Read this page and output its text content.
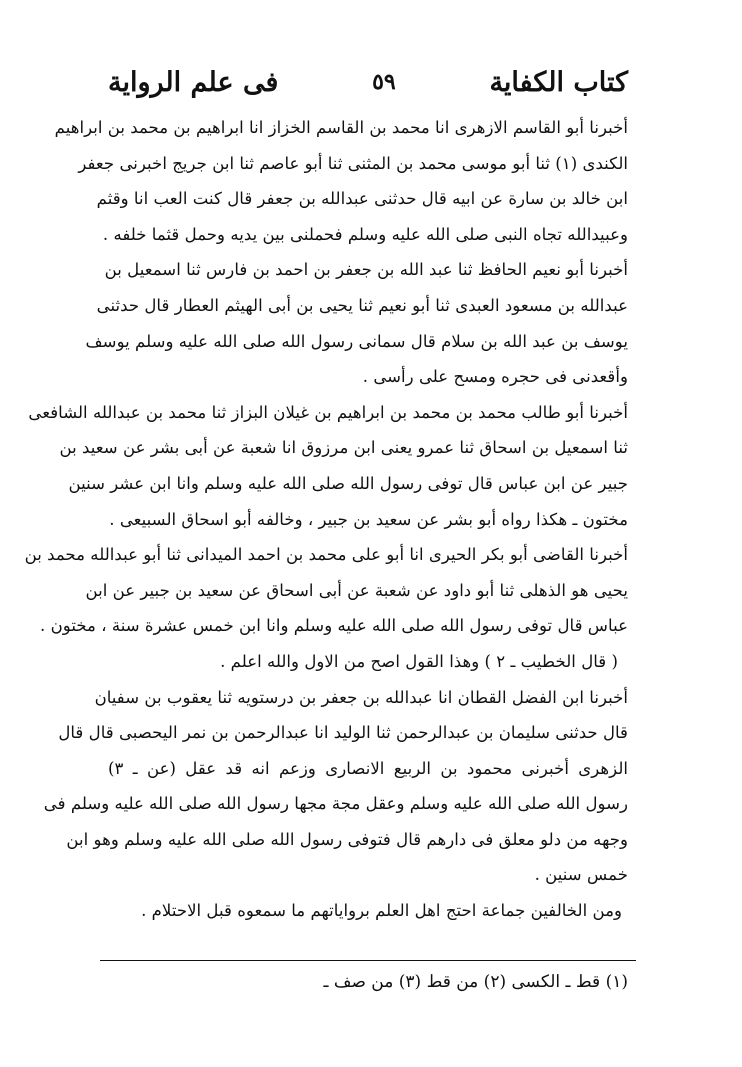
كتاب الكفاية
٥٩
فى علم الرواية
أخبرنا أبو القاسم الازهرى انا محمد بن القاسم الخزاز انا ابراهيم بن محمد بن ابراهيم
الكندى (١) ثنا أبو موسى محمد بن المثنى ثنا أبو عاصم ثنا ابن جريج اخبرنى جعفر
ابن خالد بن سارة عن ابيه قال حدثنى عبدالله بن جعفر قال كنت العب انا وقثم
وعبيدالله تجاه النبى صلى الله عليه وسلم فحملنى بين يديه وحمل قثما خلفه .
أخبرنا أبو نعيم الحافظ ثنا عبد الله بن جعفر بن احمد بن فارس ثنا اسمعيل بن
عبدالله بن مسعود العبدى ثنا أبو نعيم ثنا يحيى بن أبى الهيثم العطار قال حدثنى
يوسف بن عبد الله بن سلام قال سمانى رسول الله صلى الله عليه وسلم يوسف
وأقعدنى فى حجره ومسح على رأسى .
أخبرنا أبو طالب محمد بن محمد بن ابراهيم بن غيلان البزاز ثنا محمد بن عبدالله الشافعى
ثنا اسمعيل بن اسحاق ثنا عمرو يعنى ابن مرزوق انا شعبة عن أبى بشر عن سعيد بن
جبير عن ابن عباس قال توفى رسول الله صلى الله عليه وسلم وانا ابن عشر سنين
مختون ـ هكذا رواه أبو بشر عن سعيد بن جبير ، وخالفه أبو اسحاق السبيعى .
أخبرنا القاضى أبو بكر الحيرى انا أبو على محمد بن احمد الميدانى ثنا أبو عبدالله محمد بن
يحيى هو الذهلى ثنا أبو داود عن شعبة عن أبى اسحاق عن سعيد بن جبير عن ابن
عباس قال توفى رسول الله صلى الله عليه وسلم وانا ابن خمس عشرة سنة ، مختون .
( قال الخطيب ـ ٢ ) وهذا القول اصح من الاول والله اعلم .
أخبرنا ابن الفضل القطان انا عبدالله بن جعفر بن درستويه ثنا يعقوب بن سفيان
قال حدثنى سليمان بن عبدالرحمن ثنا الوليد انا عبدالرحمن بن نمر اليحصبى قال قال
الزهرى أخبرنى محمود بن الربيع الانصارى وزعم انه قد عقل (عن ـ ٣)
رسول الله صلى الله عليه وسلم وعقل مجة مجها رسول الله صلى الله عليه وسلم فى
وجهه من دلو معلق فى دارهم قال فتوفى رسول الله صلى الله عليه وسلم وهو ابن
خمس سنين .
ومن الخالفين جماعة احتج اهل العلم برواياتهم ما سمعوه قبل الاحتلام .
(١) قط ـ الكسى (٢) من قط (٣) من صف ـ
